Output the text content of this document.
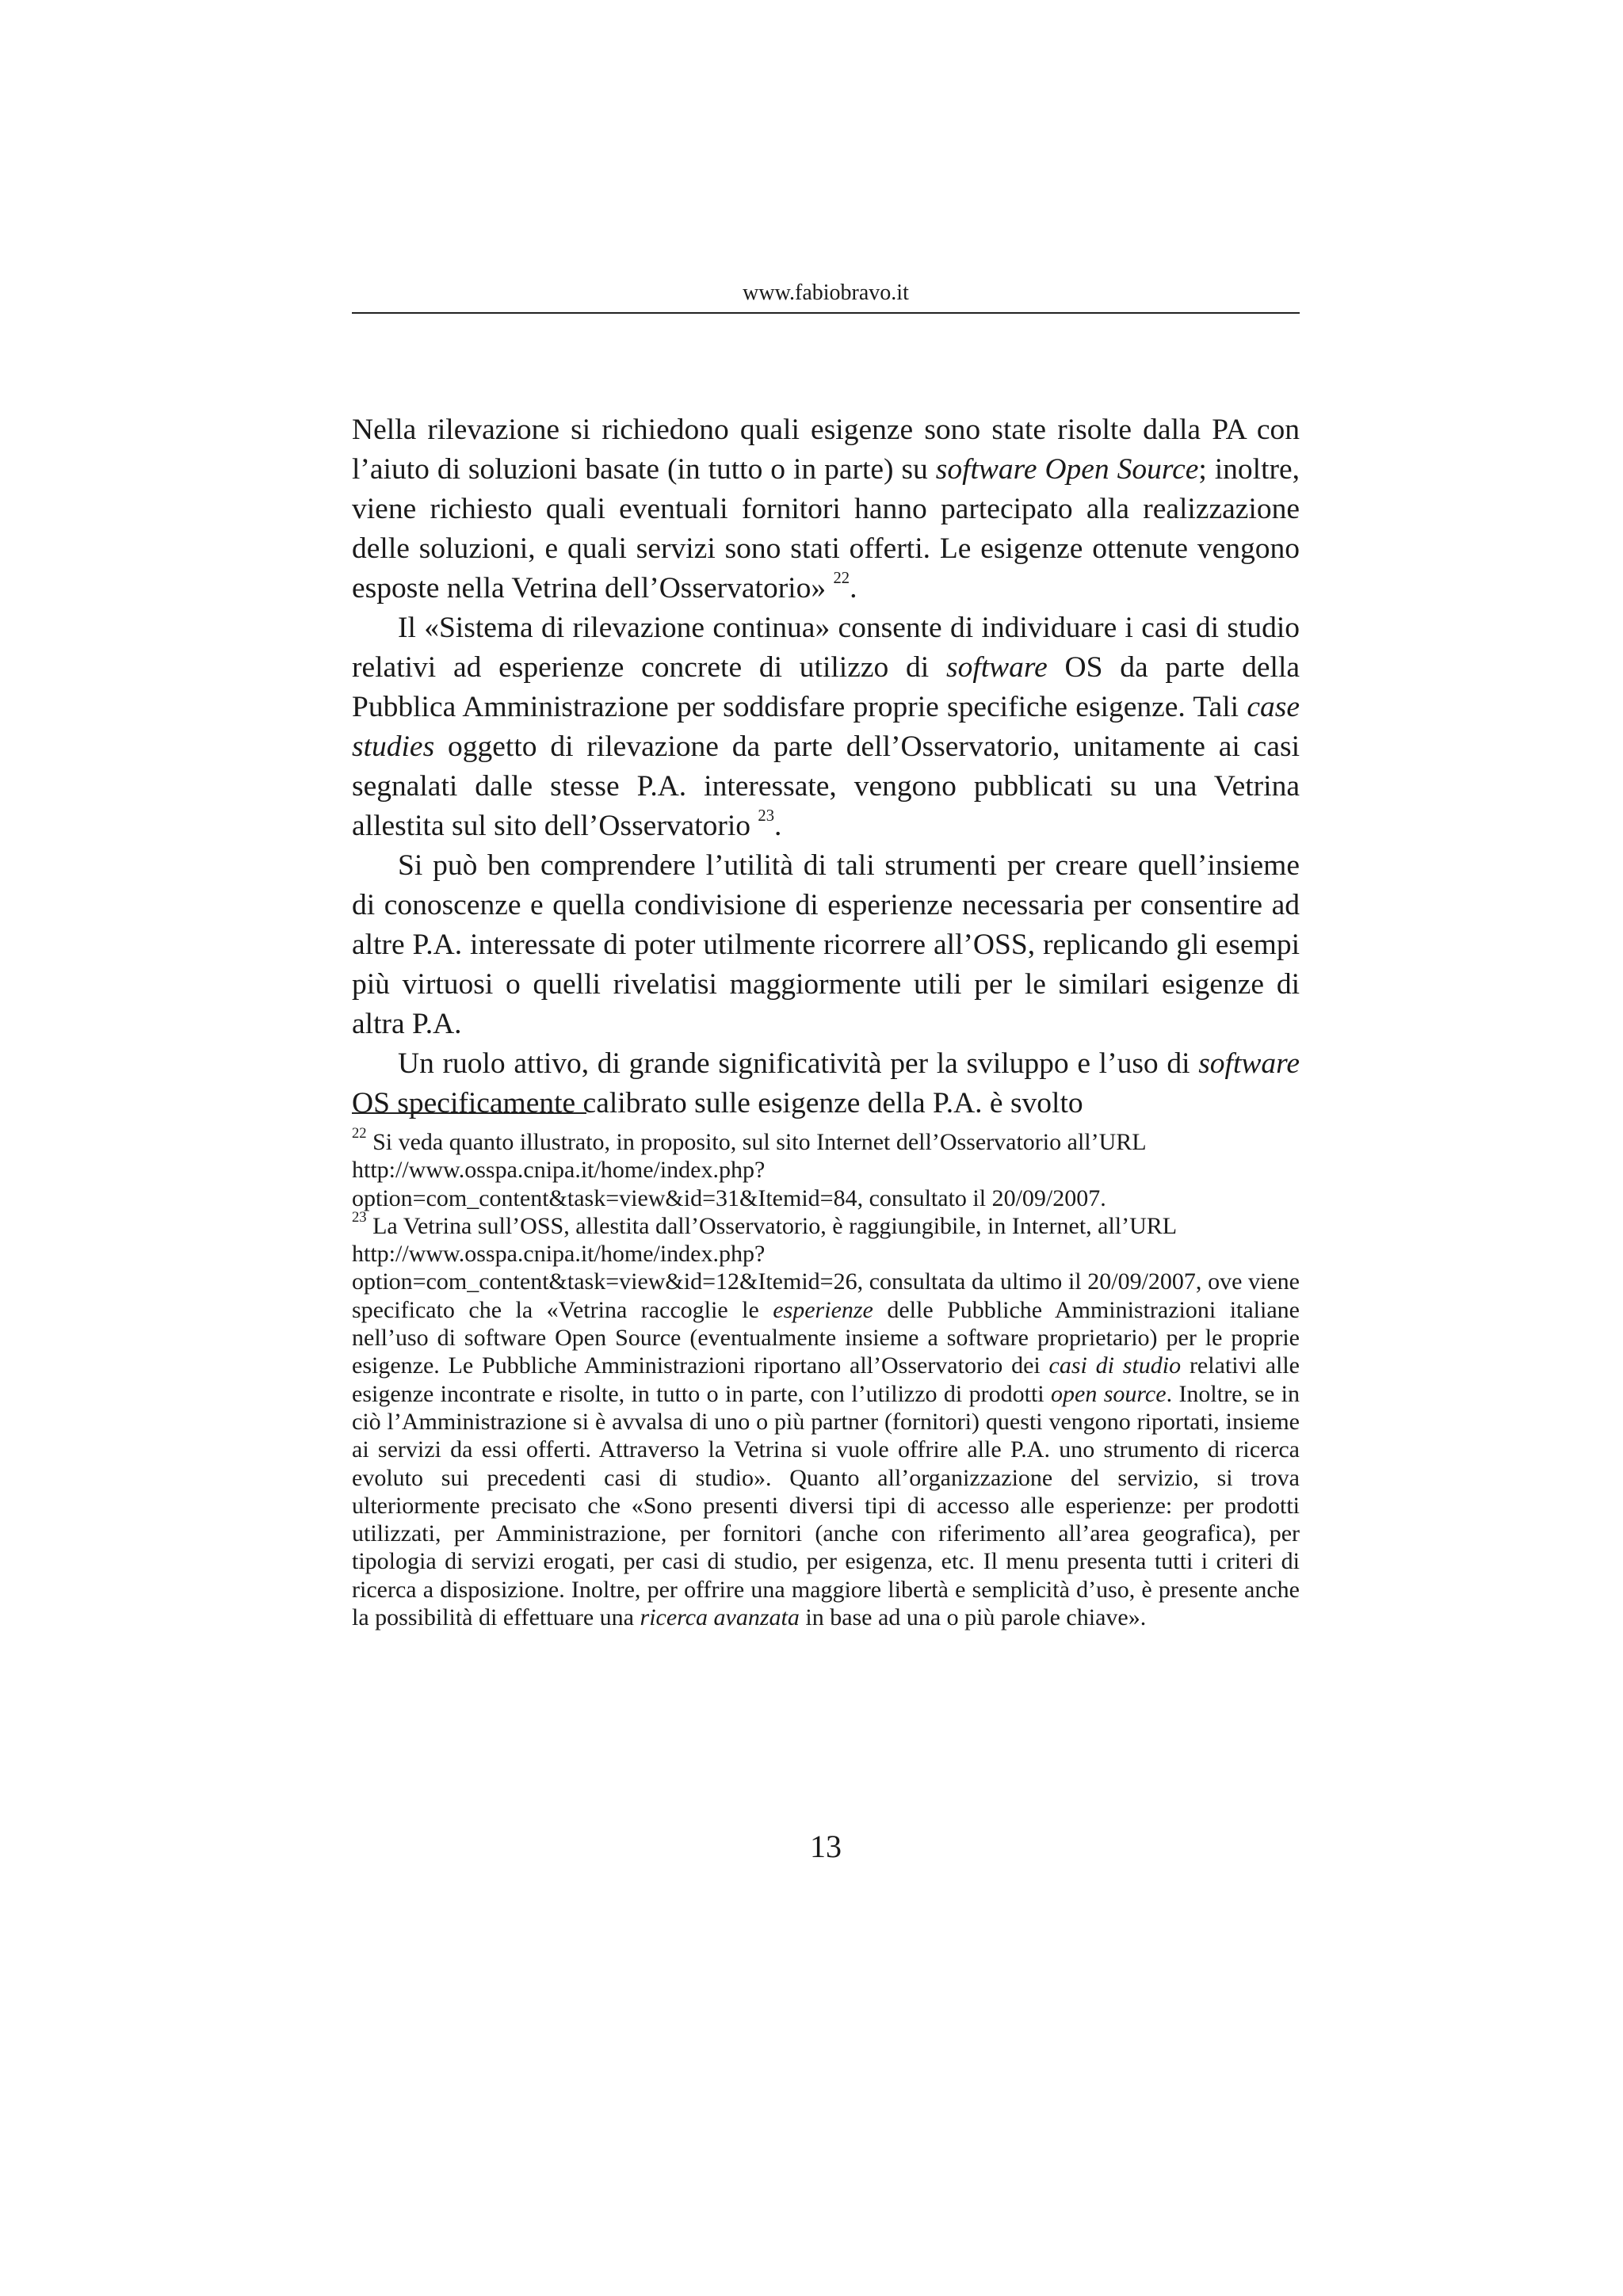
www.fabiobravo.it

Nella rilevazione si richiedono quali esigenze sono state risolte dalla PA con l’aiuto di soluzioni basate (in tutto o in parte) su software Open Source; inoltre, viene richiesto quali eventuali fornitori hanno partecipato alla realizzazione delle soluzioni, e quali servizi sono stati offerti. Le esigenze ottenute vengono esposte nella Vetrina dell’Osservatorio» $^{22}$.

Il «Sistema di rilevazione continua» consente di individuare i casi di studio relativi ad esperienze concrete di utilizzo di software OS da parte della Pubblica Amministrazione per soddisfare proprie specifiche esigenze. Tali case studies oggetto di rilevazione da parte dell’Osservatorio, unitamente ai casi segnalati dalle stesse P.A. interessate, vengono pubblicati su una Vetrina allestita sul sito dell’Osservatorio $^{23}$.

Si può ben comprendere l’utilità di tali strumenti per creare quell’insieme di conoscenze e quella condivisione di esperienze necessaria per consentire ad altre P.A. interessate di poter utilmente ricorrere all’OSS, replicando gli esempi più virtuosi o quelli rivelatisi maggiormente utili per le similari esigenze di altra P.A.

Un ruolo attivo, di grande significatività per la sviluppo e l’uso di software OS specificamente calibrato sulle esigenze della P.A. è svolto

$^{22}$ Si veda quanto illustrato, in proposito, sul sito Internet dell’Osservatorio all’URL
http://www.osspa.cnipa.it/home/index.php?
option=com_content&task=view&id=31&Itemid=84, consultato il 20/09/2007.

$^{23}$ La Vetrina sull’OSS, allestita dall’Osservatorio, è raggiungibile, in Internet, all’URL
http://www.osspa.cnipa.it/home/index.php?
option=com_content&task=view&id=12&Itemid=26, consultata da ultimo il 20/09/2007, ove viene specificato che la «Vetrina raccoglie le esperienze delle Pubbliche Amministrazioni italiane nell’uso di software Open Source (eventualmente insieme a software proprietario) per le proprie esigenze. Le Pubbliche Amministrazioni riportano all’Osservatorio dei casi di studio relativi alle esigenze incontrate e risolte, in tutto o in parte, con l’utilizzo di prodotti open source. Inoltre, se in ciò l’Amministrazione si è avvalsa di uno o più partner (fornitori) questi vengono riportati, insieme ai servizi da essi offerti. Attraverso la Vetrina si vuole offrire alle P.A. uno strumento di ricerca evoluto sui precedenti casi di studio». Quanto all’organizzazione del servizio, si trova ulteriormente precisato che «Sono presenti diversi tipi di accesso alle esperienze: per prodotti utilizzati, per Amministrazione, per fornitori (anche con riferimento all’area geografica), per tipologia di servizi erogati, per casi di studio, per esigenza, etc. Il menu presenta tutti i criteri di ricerca a disposizione. Inoltre, per offrire una maggiore libertà e semplicità d’uso, è presente anche la possibilità di effettuare una ricerca avanzata in base ad una o più parole chiave».

13
